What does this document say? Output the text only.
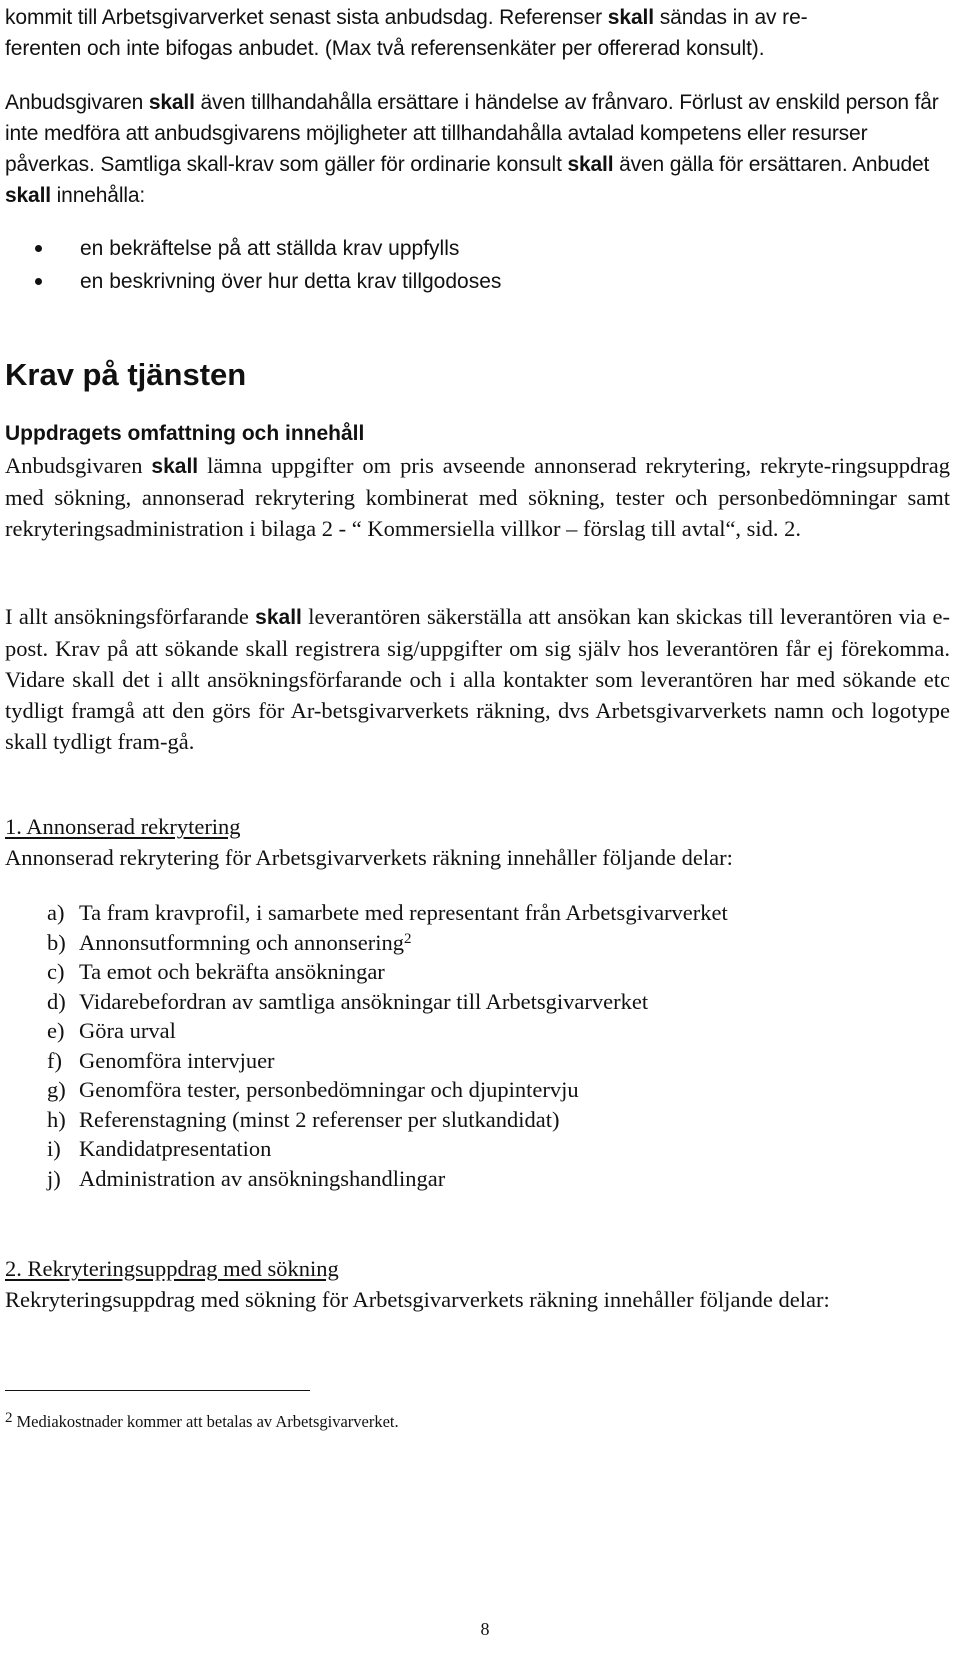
kommit till Arbetsgivarverket senast sista anbudsdag. Referenser skall sändas in av re-
ferenten och inte bifogas anbudet. (Max två referensenkäter per offererad konsult).

Anbudsgivaren skall även tillhandahålla ersättare i händelse av frånvaro. Förlust av enskild person får inte medföra att anbudsgivarens möjligheter att tillhandahålla avtalad kompetens eller resurser påverkas. Samtliga skall-krav som gäller för ordinarie konsult skall även gälla för ersättaren. Anbudet skall innehålla:

en bekräftelse på att ställda krav uppfylls
en beskrivning över hur detta krav tillgodoses
Krav på tjänsten
Uppdragets omfattning och innehåll

Anbudsgivaren skall lämna uppgifter om pris avseende annonserad rekrytering, rekryte-ringsuppdrag med sökning, annonserad rekrytering kombinerat med sökning, tester och personbedömningar samt rekryteringsadministration i bilaga 2 - “ Kommersiella villkor – förslag till avtal“, sid. 2.

I allt ansökningsförfarande skall leverantören säkerställa att ansökan kan skickas till leverantören via e-post. Krav på att sökande skall registrera sig/uppgifter om sig själv hos leverantören får ej förekomma. Vidare skall det i allt ansökningsförfarande och i alla kontakter som leverantören har med sökande etc tydligt framgå att den görs för Ar-betsgivarverkets räkning, dvs Arbetsgivarverkets namn och logotype skall tydligt fram-gå.

1. Annonserad rekrytering
Annonserad rekrytering för Arbetsgivarverkets räkning innehåller följande delar:
a) Ta fram kravprofil, i samarbete med representant från Arbetsgivarverket
b) Annonsutformning och annonsering$^2$
c) Ta emot och bekräfta ansökningar
d) Vidarebefordran av samtliga ansökningar till Arbetsgivarverket
e) Göra urval
f) Genomföra intervjuer
g) Genomföra tester, personbedömningar och djupintervju
h) Referenstagning (minst 2 referenser per slutkandidat)
i) Kandidatpresentation
j) Administration av ansökningshandlingar
2. Rekryteringsuppdrag med sökning
Rekryteringsuppdrag med sökning för Arbetsgivarverkets räkning innehåller följande delar:
2 Mediakostnader kommer att betalas av Arbetsgivarverket.
8
